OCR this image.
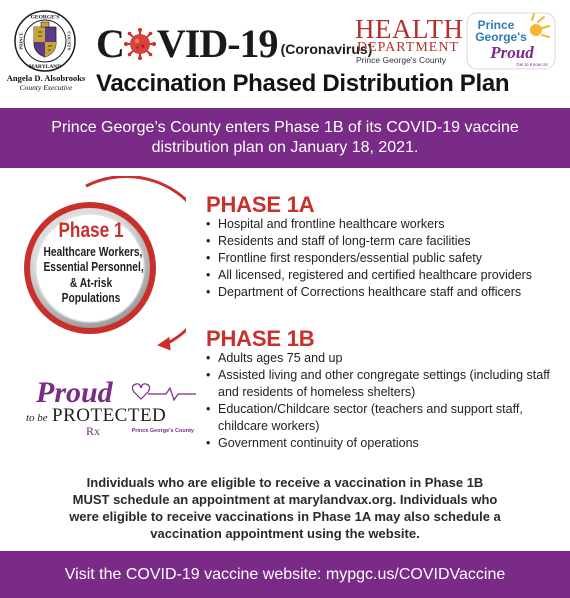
GEORGE'S
MARYLAND
PRINCE	COUNTY
Angela D. Alsobrooks
County Executive
C VID-19 (Coronavirus)
HEALTH
DEPARTMENT
Prince George's County
Prince
George's
Proud
Get to Know Us
Vaccination Phased Distribution Plan
Prince George’s County enters Phase 1B of its COVID-19 vaccine
distribution plan on January 18, 2021.
Phase 1
Healthcare Workers,
Essential Personnel,
& At-risk
Populations
PHASE 1A
• Hospital and frontline healthcare workers
• Residents and staff of long-term care facilities
• Frontline first responders/essential public safety
• All licensed, registered and certified healthcare providers
• Department of Corrections healthcare staff and officers
PHASE 1B
• Adults ages 75 and up
• Assisted living and other congregate settings (including staff
and residents of homeless shelters)
• Education/Childcare sector (teachers and support staff,
childcare workers)
• Government continuity of operations
Proud
to be PROTECTED
Rx	Prince George's County
Individuals who are eligible to receive a vaccination in Phase 1B
MUST schedule an appointment at marylandvax.org. Individuals who
were eligible to receive vaccinations in Phase 1A may also schedule a
vaccination appointment using the website.
Visit the COVID-19 vaccine website: mypgc.us/COVIDVaccine
